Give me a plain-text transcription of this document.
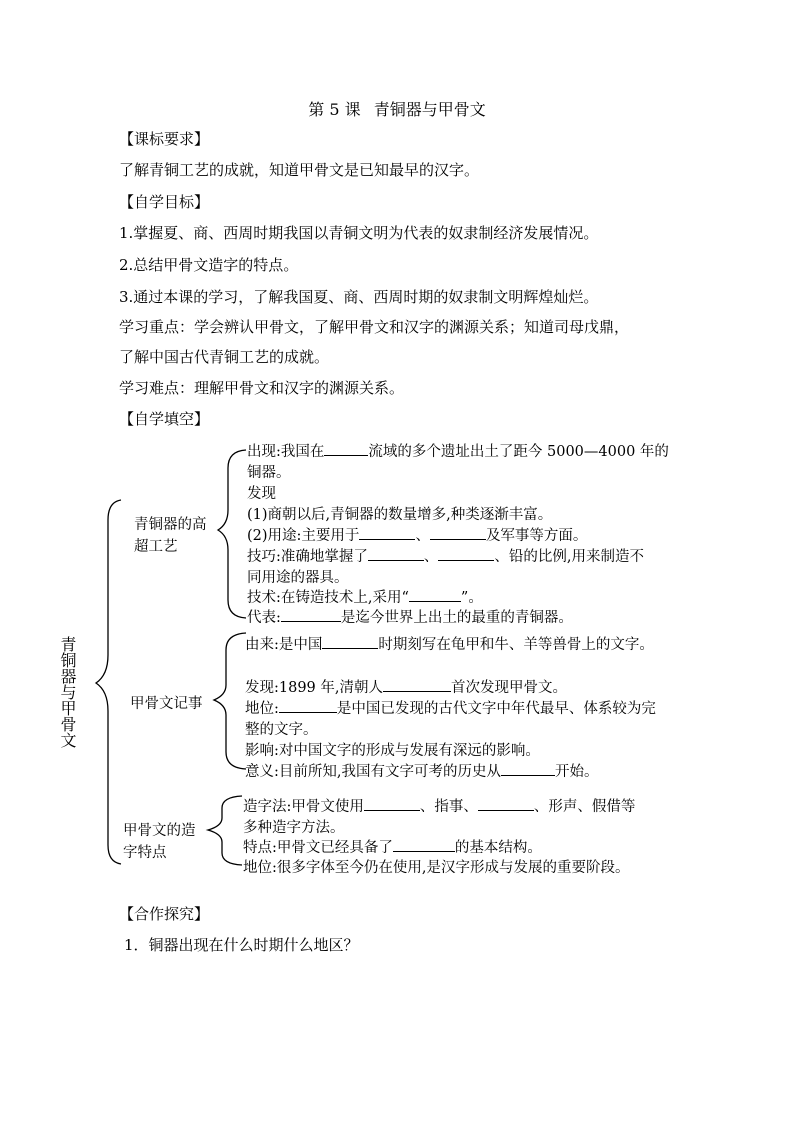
第 5 课 青铜器与甲骨文
【课标要求】
了解青铜工艺的成就，知道甲骨文是已知最早的汉字。
【自学目标】
1.掌握夏、商、西周时期我国以青铜文明为代表的奴隶制经济发展情况。
2.总结甲骨文造字的特点。
3.通过本课的学习，了解我国夏、商、西周时期的奴隶制文明辉煌灿烂。
学习重点：学会辨认甲骨文，了解甲骨文和汉字的渊源关系；知道司母戊鼎，
了解中国古代青铜工艺的成就。
学习难点：理解甲骨文和汉字的渊源关系。
【自学填空】
青铜器与甲骨文
青铜器的高
超工艺
出现:我国在	流域的多个遗址出土了距今 5000—4000 年的
铜器。
发现
(1)商朝以后,青铜器的数量增多,种类逐渐丰富。
(2)用途:主要用于	、	及军事等方面。
技巧:准确地掌握了	、	、铅的比例,用来制造不
同用途的器具。
技术:在铸造技术上,采用“	”。
代表:	是迄今世界上出土的最重的青铜器。
甲骨文记事
由来:是中国	时期刻写在龟甲和牛、羊等兽骨上的文字。
发现:1899 年,清朝人	首次发现甲骨文。
地位:	是中国已发现的古代文字中年代最早、体系较为完
整的文字。
影响:对中国文字的形成与发展有深远的影响。
意义:目前所知,我国有文字可考的历史从	开始。
甲骨文的造
字特点
造字法:甲骨文使用	、指事、	、形声、假借等
多种造字方法。
特点:甲骨文已经具备了	的基本结构。
地位:很多字体至今仍在使用,是汉字形成与发展的重要阶段。
【合作探究】
1．铜器出现在什么时期什么地区？
